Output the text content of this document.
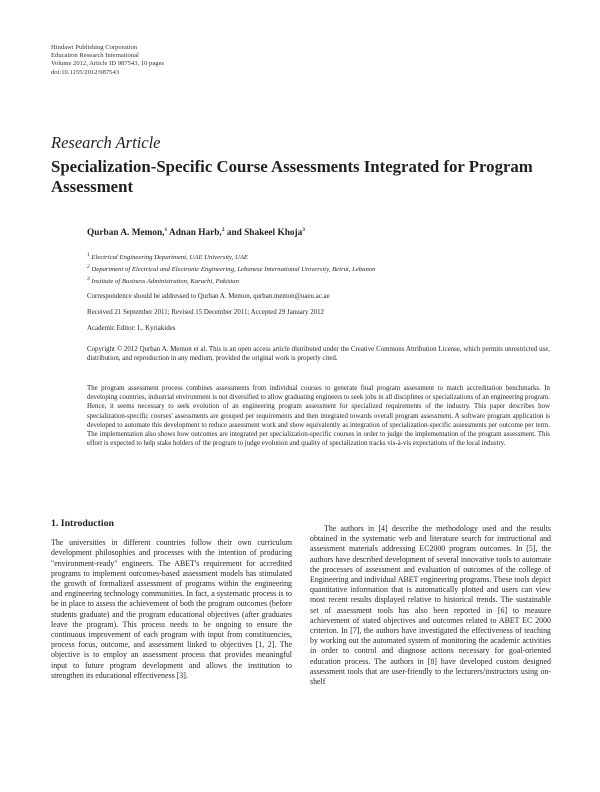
Hindawi Publishing Corporation
Education Research International
Volume 2012, Article ID 987543, 10 pages
doi:10.1155/2012/987543
Research Article
Specialization-Specific Course Assessments Integrated for Program Assessment
Qurban A. Memon,$^1$ Adnan Harb,$^2$ and Shakeel Khoja$^3$
$^1$ Electrical Engineering Department, UAE University, UAE
$^2$ Department of Electrical and Electronic Engineering, Lebanese International University, Beirut, Lebanon
$^3$ Institute of Business Administration, Karachi, Pakistan
Correspondence should be addressed to Qurban A. Memon, qurban.memon@uaeu.ac.ae
Received 21 September 2011; Revised 15 December 2011; Accepted 29 January 2012
Academic Editor: L. Kyriakides
Copyright © 2012 Qurban A. Memon et al. This is an open access article distributed under the Creative Commons Attribution License, which permits unrestricted use, distribution, and reproduction in any medium, provided the original work is properly cited.
The program assessment process combines assessments from individual courses to generate final program assessment to match accreditation benchmarks. In developing countries, industrial environment is not diversified to allow graduating engineers to seek jobs in all disciplines or specializations of an engineering program. Hence, it seems necessary to seek evolution of an engineering program assessment for specialized requirements of the industry. This paper describes how specialization-specific courses' assessments are grouped per requirements and then integrated towards overall program assessment. A software program application is developed to automate this development to reduce assessment work and show equivalently as integration of specialization-specific assessments per outcome per term. The implementation also shows how outcomes are integrated per specialization-specific courses in order to judge the implementation of the program assessment. This effort is expected to help stake holders of the program to judge evolution and quality of specialization tracks vis-à-vis expectations of the local industry.
1. Introduction
The universities in different countries follow their own curriculum development philosophies and processes with the intention of producing "environment-ready" engineers. The ABET's requirement for accredited programs to implement outcomes-based assessment models has stimulated the growth of formalized assessment of programs within the engineering and engineering technology communities. In fact, a systematic process is to be in place to assess the achievement of both the program outcomes (before students graduate) and the program educational objectives (after graduates leave the program). This process needs to be ongoing to ensure the continuous improvement of each program with input from constituencies, process focus, outcome, and assessment linked to objectives [1, 2]. The objective is to employ an assessment process that provides meaningful input to future program development and allows the institution to strengthen its educational effectiveness [3].
The authors in [4] describe the methodology used and the results obtained in the systematic web and literature search for instructional and assessment materials addressing EC2000 program outcomes. In [5], the authors have described development of several innovative tools to automate the processes of assessment and evaluation of outcomes of the college of Engineering and individual ABET engineering programs. These tools depict quantitative information that is automatically plotted and users can view most recent results displayed relative to historical trends. The sustainable set of assessment tools has also been reported in [6] to measure achievement of stated objectives and outcomes related to ABET EC 2000 criterion. In [7], the authors have investigated the effectiveness of teaching by working out the automated system of monitoring the academic activities in order to control and diagnose actions necessary for goal-oriented education process. The authors in [8] have developed custom designed assessment tools that are user-friendly to the lecturers/instructors using on-shelf
